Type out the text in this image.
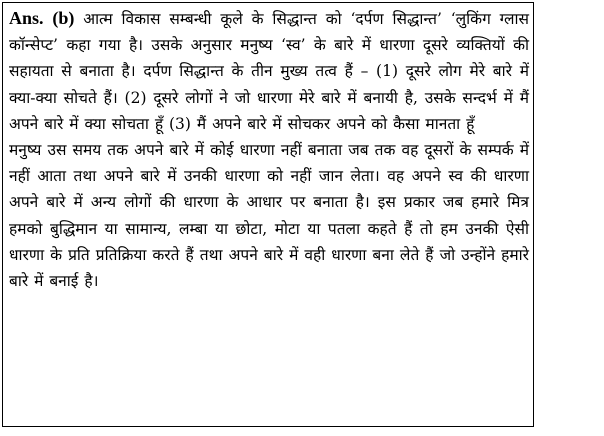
Ans. (b) आत्म विकास सम्बन्धी कूले के सिद्धान्त को ‘दर्पण सिद्धान्त’ ‘लुकिंग ग्लास कॉन्सेप्ट’ कहा गया है। उसके अनुसार मनुष्य ‘स्व’ के बारे में धारणा दूसरे व्यक्तियों की सहायता से बनाता है। दर्पण सिद्धान्त के तीन मुख्य तत्व हैं – (1) दूसरे लोग मेरे बारे में क्या-क्या सोचते हैं। (2) दूसरे लोगों ने जो धारणा मेरे बारे में बनायी है, उसके सन्दर्भ में मैं अपने बारे में क्या सोचता हूँ (3) मैं अपने बारे में सोचकर अपने को कैसा मानता हूँ

मनुष्य उस समय तक अपने बारे में कोई धारणा नहीं बनाता जब तक वह दूसरों के सम्पर्क में नहीं आता तथा अपने बारे में उनकी धारणा को नहीं जान लेता। वह अपने स्व की धारणा अपने बारे में अन्य लोगों की धारणा के आधार पर बनाता है। इस प्रकार जब हमारे मित्र हमको बुद्धिमान या सामान्य, लम्बा या छोटा, मोटा या पतला कहते हैं तो हम उनकी ऐसी धारणा के प्रति प्रतिक्रिया करते हैं तथा अपने बारे में वही धारणा बना लेते हैं जो उन्होंने हमारे बारे में बनाई है।
